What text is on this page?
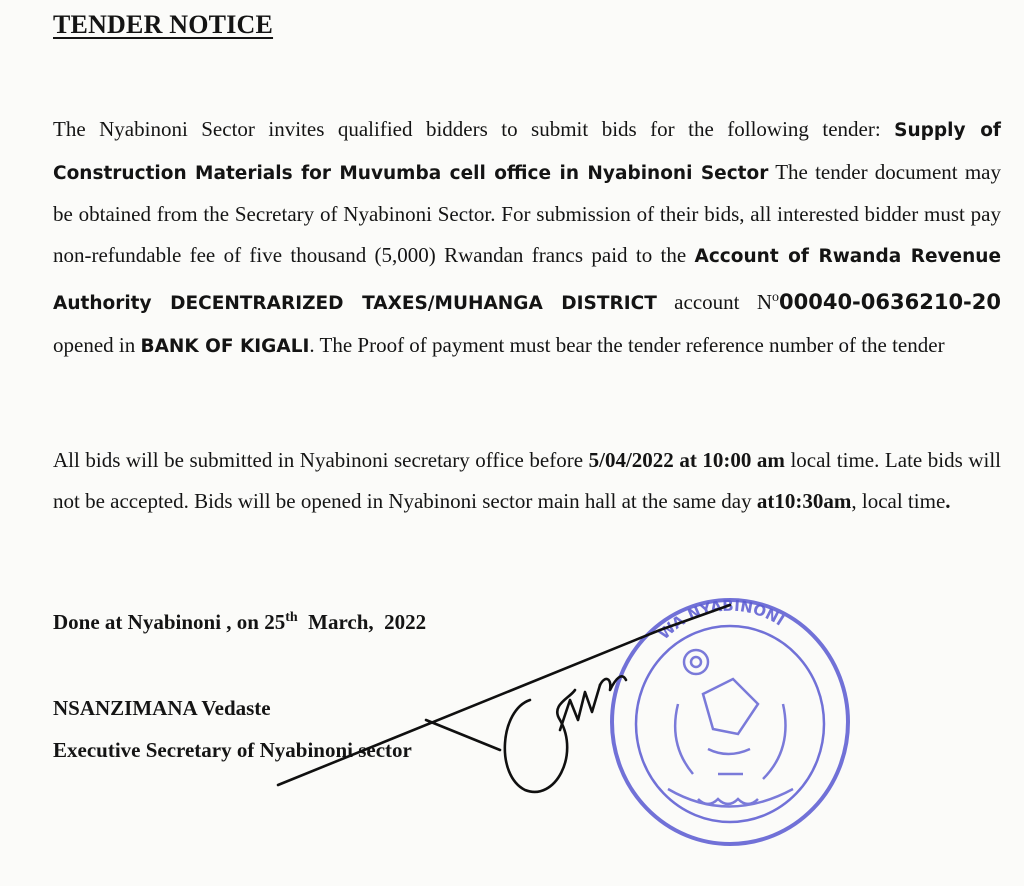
TENDER NOTICE

The Nyabinoni Sector invites qualified bidders to submit bids for the following tender: Supply of Construction Materials for Muvumba cell office in Nyabinoni Sector The tender document may be obtained from the Secretary of Nyabinoni Sector. For submission of their bids, all interested bidder must pay non-refundable fee of five thousand (5,000) Rwandan francs paid to the Account of Rwanda Revenue Authority DECENTRARIZED TAXES/MUHANGA DISTRICT account $N^o00040-0636210-20$ opened in BANK OF KIGALI. The Proof of payment must bear the tender reference number of the tender

All bids will be submitted in Nyabinoni secretary office before 5/04/2022 at 10:00 am local time. Late bids will not be accepted. Bids will be opened in Nyabinoni sector main hall at the same day at10:30am, local time.

Done at Nyabinoni , on 25th  March,  2022

NSANZIMANA Vedaste

Executive Secretary of Nyabinoni sector

WA NYABINONI
